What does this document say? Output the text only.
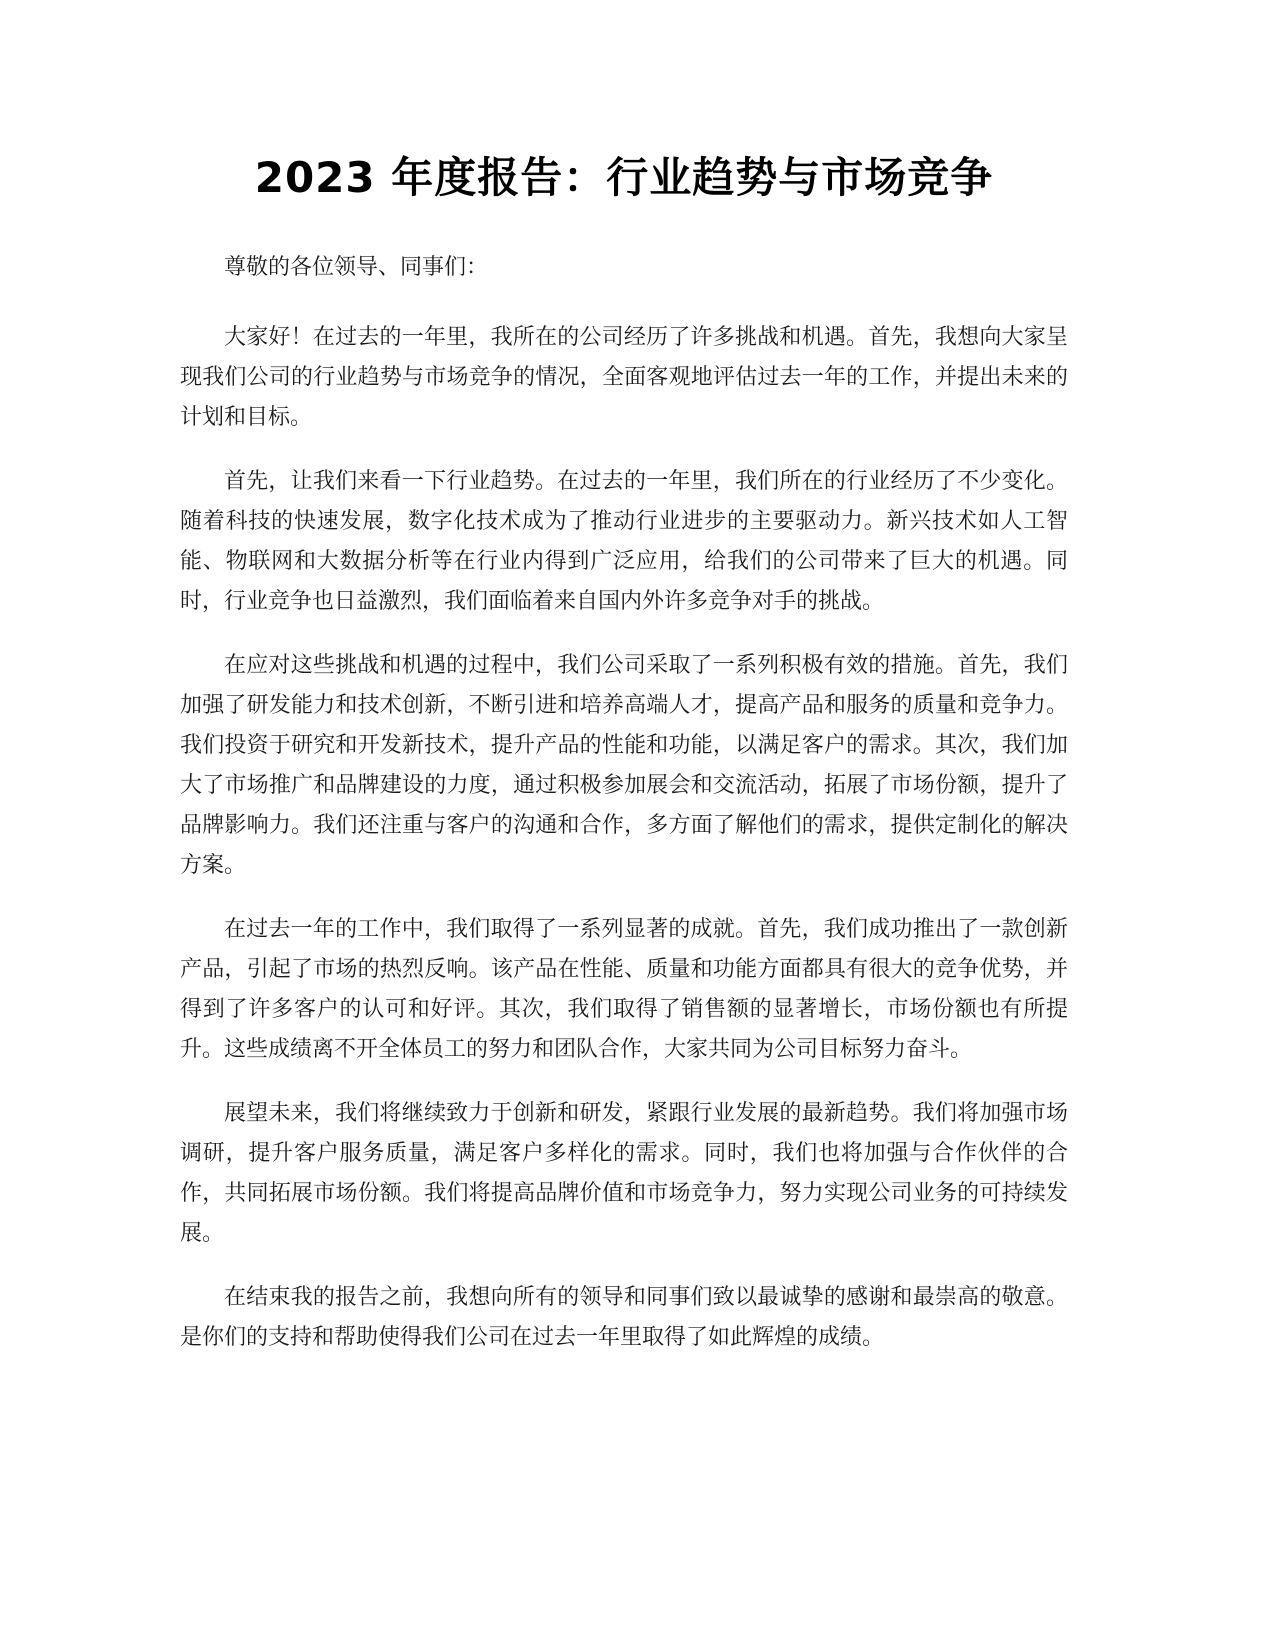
2023 年度报告：行业趋势与市场竞争

尊敬的各位领导、同事们：

大家好！在过去的一年里，我所在的公司经历了许多挑战和机遇。首先，我想向大家呈现我们公司的行业趋势与市场竞争的情况，全面客观地评估过去一年的工作，并提出未来的计划和目标。

首先，让我们来看一下行业趋势。在过去的一年里，我们所在的行业经历了不少变化。随着科技的快速发展，数字化技术成为了推动行业进步的主要驱动力。新兴技术如人工智能、物联网和大数据分析等在行业内得到广泛应用，给我们的公司带来了巨大的机遇。同时，行业竞争也日益激烈，我们面临着来自国内外许多竞争对手的挑战。

在应对这些挑战和机遇的过程中，我们公司采取了一系列积极有效的措施。首先，我们加强了研发能力和技术创新，不断引进和培养高端人才，提高产品和服务的质量和竞争力。我们投资于研究和开发新技术，提升产品的性能和功能，以满足客户的需求。其次，我们加大了市场推广和品牌建设的力度，通过积极参加展会和交流活动，拓展了市场份额，提升了品牌影响力。我们还注重与客户的沟通和合作，多方面了解他们的需求，提供定制化的解决方案。

在过去一年的工作中，我们取得了一系列显著的成就。首先，我们成功推出了一款创新产品，引起了市场的热烈反响。该产品在性能、质量和功能方面都具有很大的竞争优势，并得到了许多客户的认可和好评。其次，我们取得了销售额的显著增长，市场份额也有所提升。这些成绩离不开全体员工的努力和团队合作，大家共同为公司目标努力奋斗。

展望未来，我们将继续致力于创新和研发，紧跟行业发展的最新趋势。我们将加强市场调研，提升客户服务质量，满足客户多样化的需求。同时，我们也将加强与合作伙伴的合作，共同拓展市场份额。我们将提高品牌价值和市场竞争力，努力实现公司业务的可持续发展。

在结束我的报告之前，我想向所有的领导和同事们致以最诚挚的感谢和最崇高的敬意。是你们的支持和帮助使得我们公司在过去一年里取得了如此辉煌的成绩。
